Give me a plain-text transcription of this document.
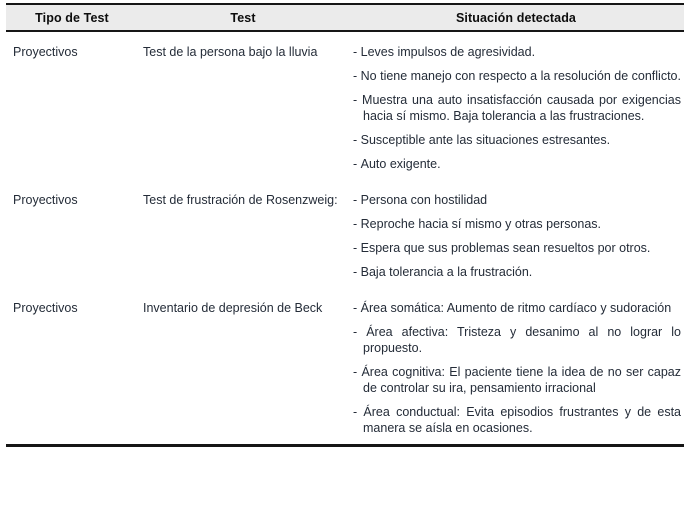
Tipo de Test	Test	Situación detectada
Proyectivos	Test de la persona bajo la lluvia	- Leves impulsos de agresividad.
- No tiene manejo con respecto a la resolución de conflicto.
- Muestra una auto insatisfacción causada por exigencias hacia sí mismo. Baja tolerancia a las frustraciones.
- Susceptible ante las situaciones estresantes.
- Auto exigente.
Proyectivos	Test de frustración de Rosenzweig:	- Persona con hostilidad
- Reproche hacia sí mismo y otras personas.
- Espera que sus problemas sean resueltos por otros.
- Baja tolerancia a la frustración.
Proyectivos	Inventario de depresión de Beck	- Área somática: Aumento de ritmo cardíaco y sudoración
- Área afectiva: Tristeza y desanimo al no lograr lo propuesto.
- Área cognitiva: El paciente tiene la idea de no ser capaz de controlar su ira, pensamiento irracional
- Área conductual: Evita episodios frustrantes y de esta manera se aísla en ocasiones.
